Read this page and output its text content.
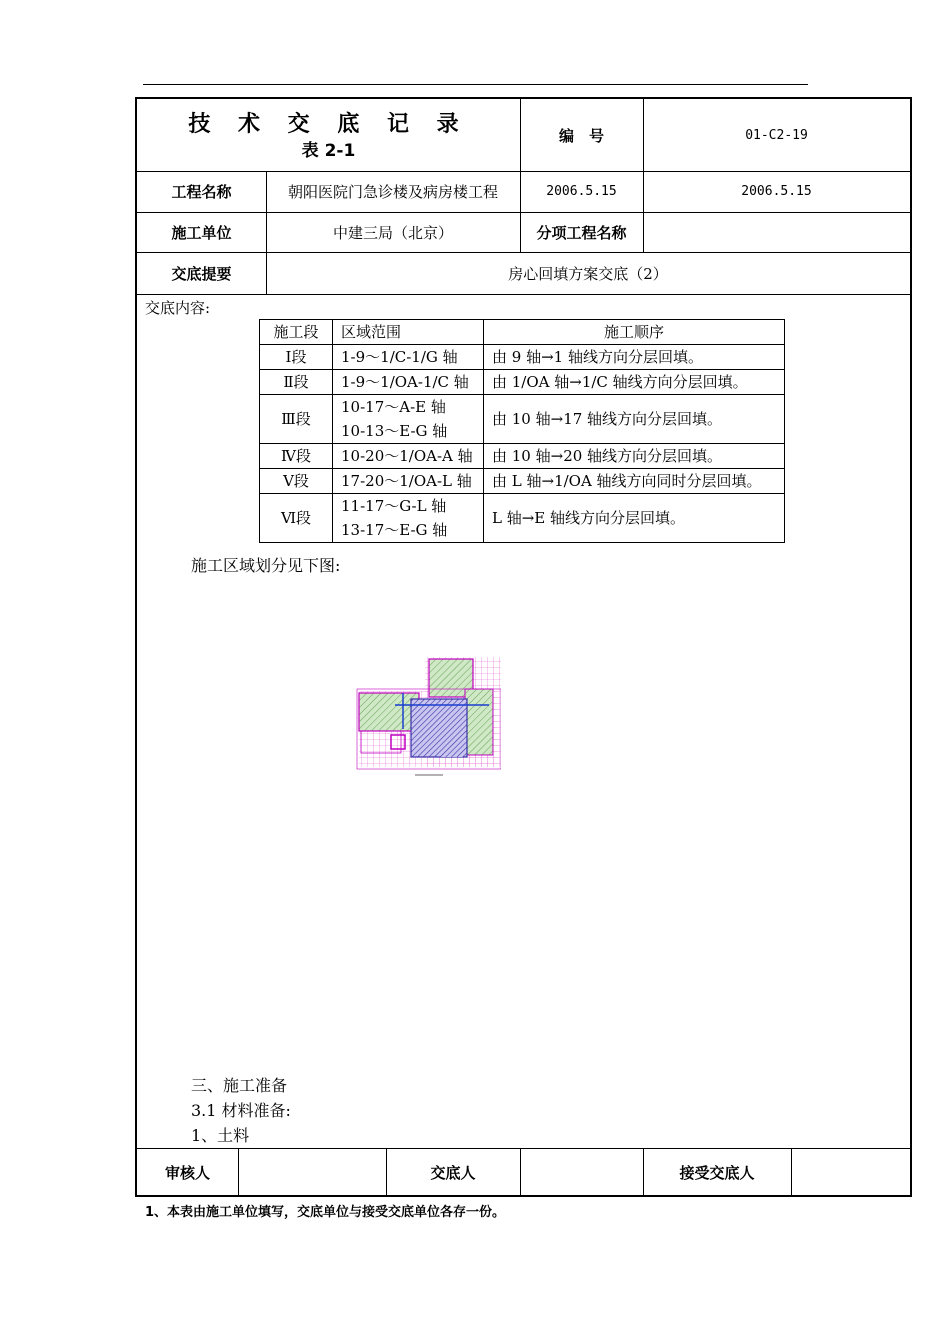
技 术 交 底 记 录
表 2-1
编　号	01-C2-19
工程名称	朝阳医院门急诊楼及病房楼工程	2006.5.15	2006.5.15
施工单位	中建三局（北京）	分项工程名称
交底提要	房心回填方案交底（2）
交底内容:
施工段	区域范围	施工顺序
Ⅰ段	1-9～1/C-1/G 轴	由 9 轴→1 轴线方向分层回填。
Ⅱ段	1-9～1/OA-1/C 轴	由 1/OA 轴→1/C 轴线方向分层回填。
Ⅲ段	10-17～A-E 轴
10-13～E-G 轴	由 10 轴→17 轴线方向分层回填。
Ⅳ段	10-20～1/OA-A 轴	由 10 轴→20 轴线方向分层回填。
Ⅴ段	17-20～1/OA-L 轴	由 L 轴→1/OA 轴线方向同时分层回填。
Ⅵ段	11-17～G-L 轴
13-17～E-G 轴	L 轴→E 轴线方向分层回填。
施工区域划分见下图:
三、施工准备
3.1 材料准备:
1、土料
审核人	交底人	接受交底人
1、本表由施工单位填写，交底单位与接受交底单位各存一份。
